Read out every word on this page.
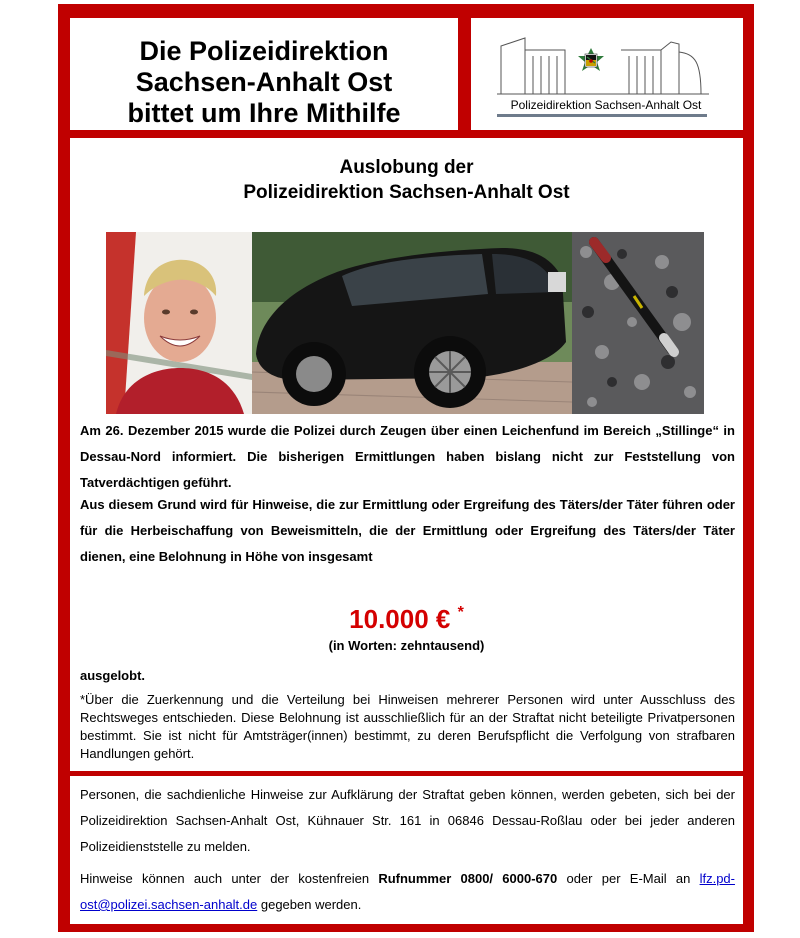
Die Polizeidirektion
Sachsen-Anhalt Ost
bittet um Ihre Mithilfe	Polizeidirektion Sachsen-Anhalt Ost
Auslobung der
Polizeidirektion Sachsen-Anhalt Ost
Am 26. Dezember 2015 wurde die Polizei durch Zeugen über einen Leichenfund im Bereich „Stillinge“ in Dessau-Nord informiert. Die bisherigen Ermittlungen haben bislang nicht zur Feststellung von Tatverdächtigen geführt.
Aus diesem Grund wird für Hinweise, die zur Ermittlung oder Ergreifung des Täters/der Täter führen oder für die Herbeischaffung von Beweismitteln, die der Ermittlung oder Ergreifung des Täters/der Täter dienen, eine Belohnung in Höhe von insgesamt
10.000 € *
(in Worten: zehntausend)
ausgelobt.
*Über die Zuerkennung und die Verteilung bei Hinweisen mehrerer Personen wird unter Ausschluss des Rechtsweges entschieden. Diese Belohnung ist ausschließlich für an der Straftat nicht beteiligte Privatpersonen bestimmt. Sie ist nicht für Amtsträger(innen) bestimmt, zu deren Berufspflicht die Verfolgung von strafbaren Handlungen gehört.
Personen, die sachdienliche Hinweise zur Aufklärung der Straftat geben können, werden gebeten, sich bei der Polizeidirektion Sachsen-Anhalt Ost, Kühnauer Str. 161 in 06846 Dessau-Roßlau oder bei jeder anderen Polizeidienststelle zu melden.
Hinweise können auch unter der kostenfreien Rufnummer 0800/ 6000-670 oder per E-Mail an lfz.pd-ost@polizei.sachsen-anhalt.de gegeben werden.
